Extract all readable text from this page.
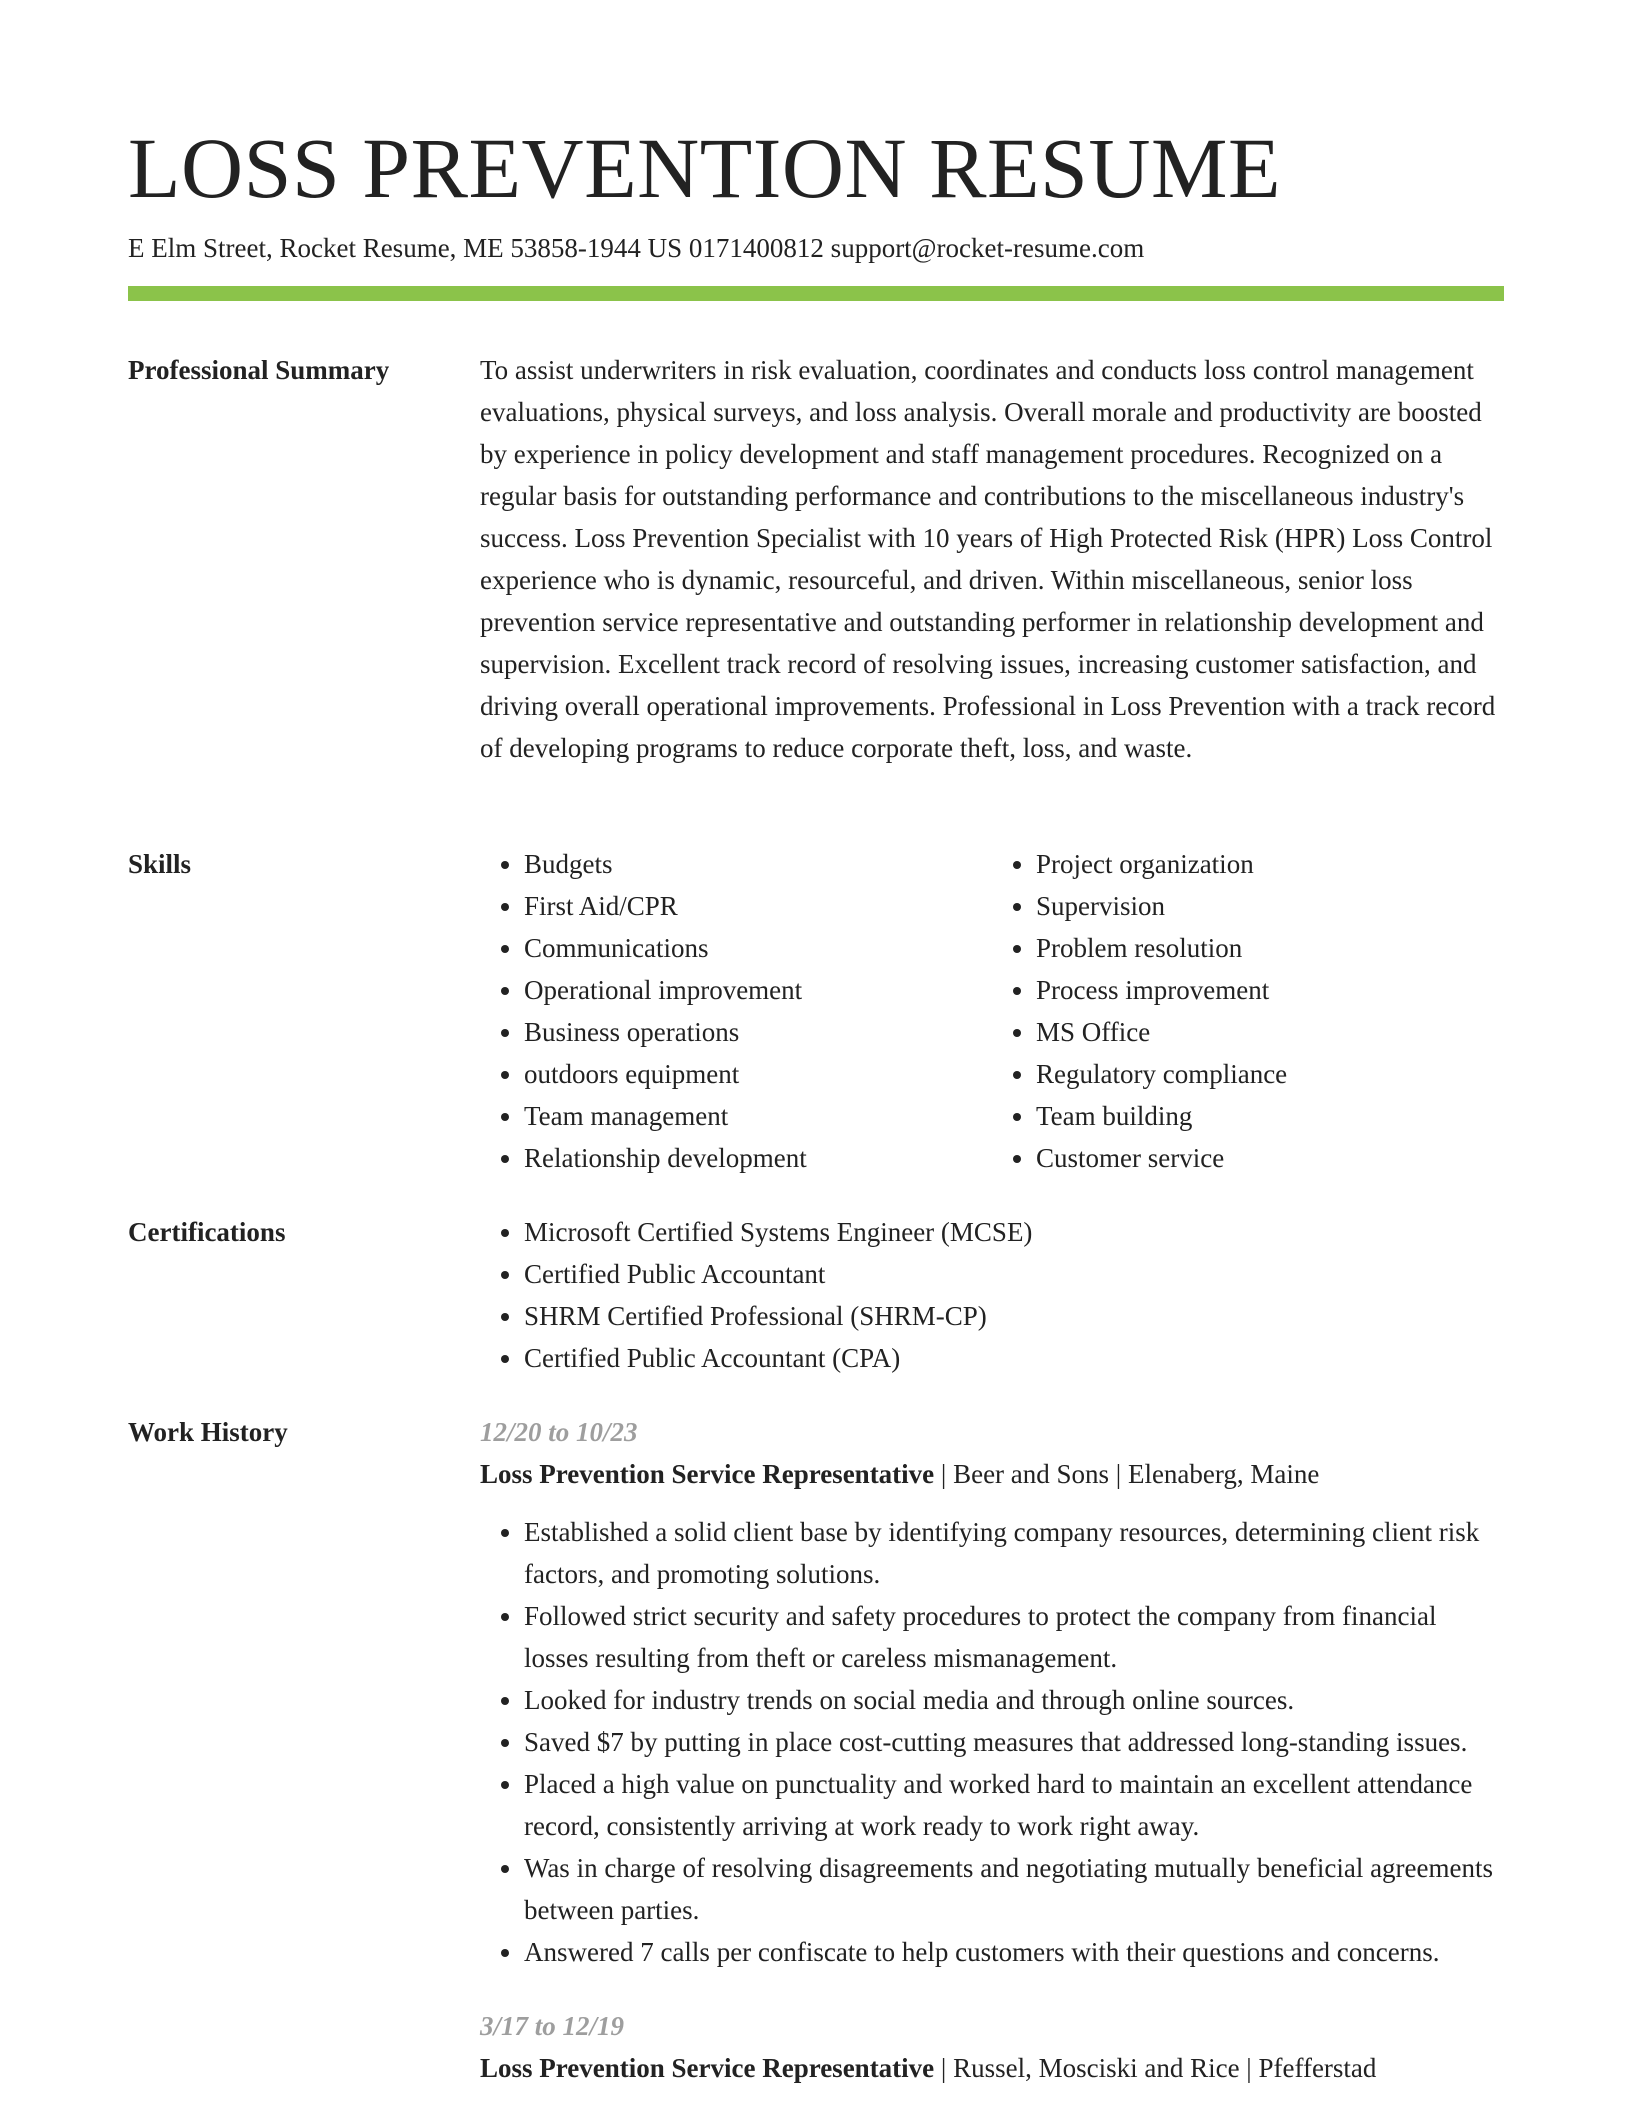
LOSS PREVENTION RESUME
E Elm Street, Rocket Resume, ME 53858-1944 US 0171400812 support@rocket-resume.com
Professional Summary	To assist underwriters in risk evaluation, coordinates and conducts loss control management evaluations, physical surveys, and loss analysis. Overall morale and productivity are boosted by experience in policy development and staff management procedures. Recognized on a regular basis for outstanding performance and contributions to the miscellaneous industry's success. Loss Prevention Specialist with 10 years of High Protected Risk (HPR) Loss Control experience who is dynamic, resourceful, and driven. Within miscellaneous, senior loss prevention service representative and outstanding performer in relationship development and supervision. Excellent track record of resolving issues, increasing customer satisfaction, and driving overall operational improvements. Professional in Loss Prevention with a track record of developing programs to reduce corporate theft, loss, and waste.

Skills	• Budgets
• First Aid/CPR
• Communications
• Operational improvement
• Business operations
• outdoors equipment
• Team management
• Relationship development
• Project organization
• Supervision
• Problem resolution
• Process improvement
• MS Office
• Regulatory compliance
• Team building
• Customer service
Certifications	• Microsoft Certified Systems Engineer (MCSE)
• Certified Public Accountant
• SHRM Certified Professional (SHRM-CP)
• Certified Public Accountant (CPA)
Work History	12/20 to 10/23
Loss Prevention Service Representative | Beer and Sons | Elenaberg, Maine
• Established a solid client base by identifying company resources, determining client risk factors, and promoting solutions.
• Followed strict security and safety procedures to protect the company from financial losses resulting from theft or careless mismanagement.
• Looked for industry trends on social media and through online sources.
• Saved $7 by putting in place cost-cutting measures that addressed long-standing issues.
• Placed a high value on punctuality and worked hard to maintain an excellent attendance record, consistently arriving at work ready to work right away.
• Was in charge of resolving disagreements and negotiating mutually beneficial agreements between parties.
• Answered 7 calls per confiscate to help customers with their questions and concerns.
3/17 to 12/19
Loss Prevention Service Representative | Russel, Mosciski and Rice | Pfefferstad
